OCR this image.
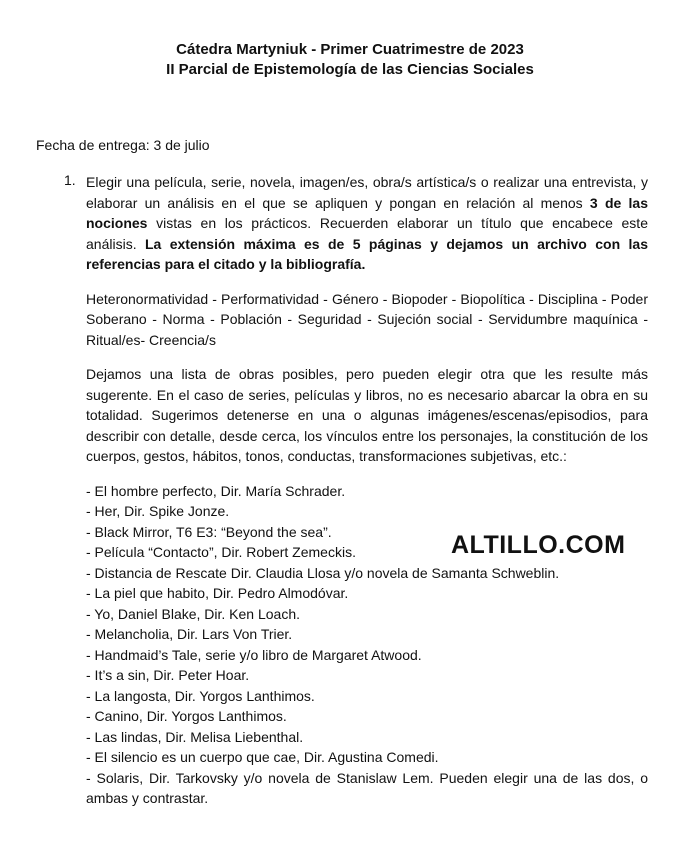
Cátedra Martyniuk - Primer Cuatrimestre de 2023
II Parcial de Epistemología de las Ciencias Sociales
Fecha de entrega: 3 de julio
1. Elegir una película, serie, novela, imagen/es, obra/s artística/s o realizar una entrevista, y elaborar un análisis en el que se apliquen y pongan en relación al menos 3 de las nociones vistas en los prácticos. Recuerden elaborar un título que encabece este análisis. La extensión máxima es de 5 páginas y dejamos un archivo con las referencias para el citado y la bibliografía.

Heteronormatividad - Performatividad - Género - Biopoder - Biopolítica - Disciplina - Poder Soberano - Norma - Población - Seguridad - Sujeción social - Servidumbre maquínica - Ritual/es- Creencia/s

Dejamos una lista de obras posibles, pero pueden elegir otra que les resulte más sugerente. En el caso de series, películas y libros, no es necesario abarcar la obra en su totalidad. Sugerimos detenerse en una o algunas imágenes/escenas/episodios, para describir con detalle, desde cerca, los vínculos entre los personajes, la constitución de los cuerpos, gestos, hábitos, tonos, conductas, transformaciones subjetivas, etc.:

- El hombre perfecto, Dir. María Schrader.
- Her, Dir. Spike Jonze.
- Black Mirror, T6 E3: “Beyond the sea”.
- Película “Contacto”, Dir. Robert Zemeckis.
- Distancia de Rescate Dir. Claudia Llosa y/o novela de Samanta Schweblin.
- La piel que habito, Dir. Pedro Almodóvar.
- Yo, Daniel Blake, Dir. Ken Loach.
- Melancholia, Dir. Lars Von Trier.
- Handmaid’s Tale, serie y/o libro de Margaret Atwood.
- It’s a sin, Dir. Peter Hoar.
- La langosta, Dir. Yorgos Lanthimos.
- Canino, Dir. Yorgos Lanthimos.
- Las lindas, Dir. Melisa Liebenthal.
- El silencio es un cuerpo que cae, Dir. Agustina Comedi.
- Solaris, Dir. Tarkovsky y/o novela de Stanislaw Lem. Pueden elegir una de las dos, o ambas y contrastar.
ALTILLO.COM
